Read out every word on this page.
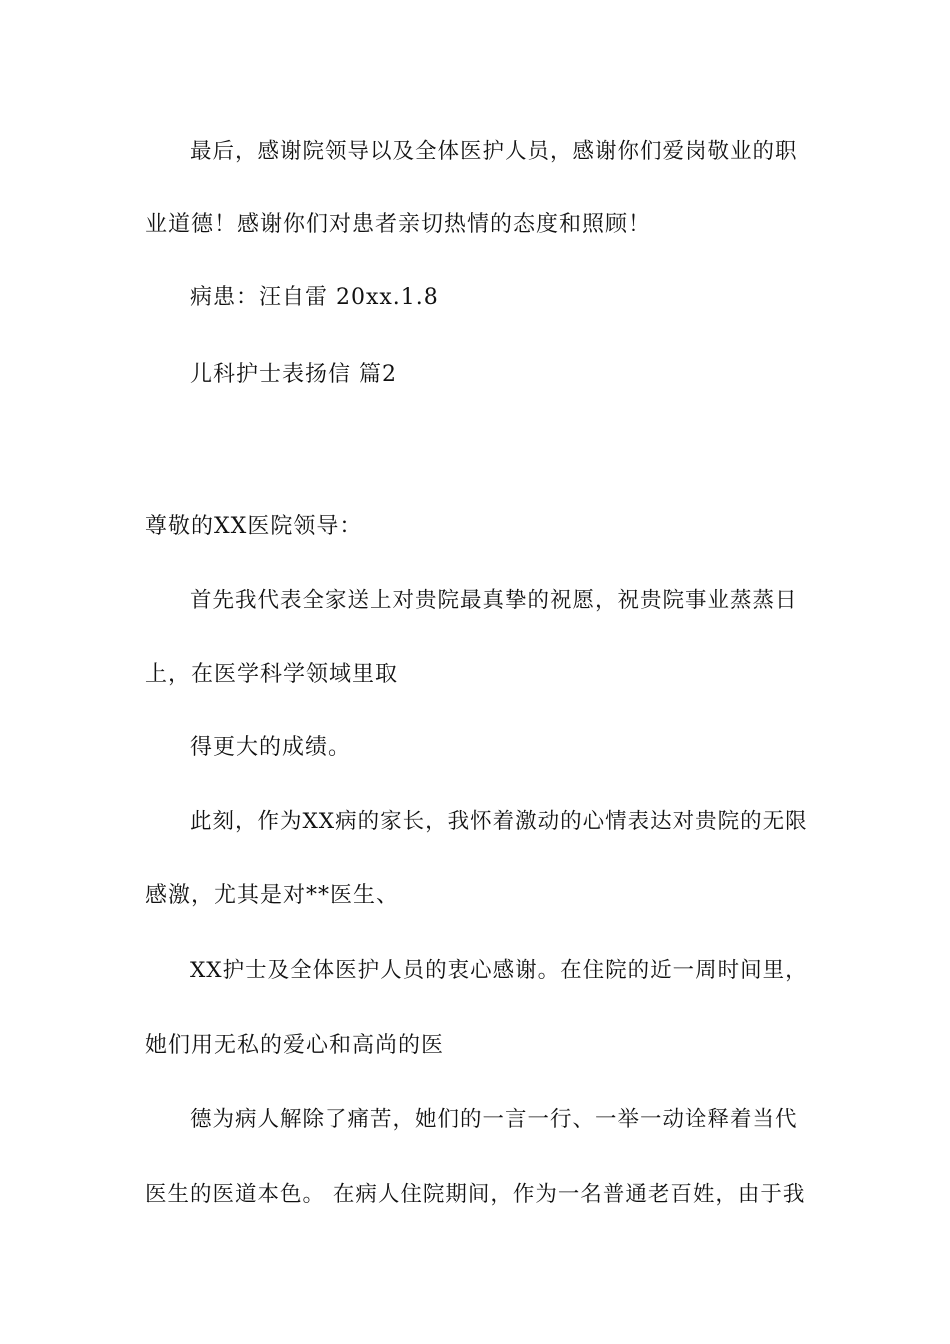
最后，感谢院领导以及全体医护人员，感谢你们爱岗敬业的职
业道德！感谢你们对患者亲切热情的态度和照顾！
病患：汪自雷 20xx.1.8
儿科护士表扬信 篇2
尊敬的XX医院领导：
首先我代表全家送上对贵院最真挚的祝愿，祝贵院事业蒸蒸日
上，在医学科学领域里取
得更大的成绩。
此刻，作为XX病的家长，我怀着激动的心情表达对贵院的无限
感激，尤其是对**医生、
XX护士及全体医护人员的衷心感谢。在住院的近一周时间里，
她们用无私的爱心和高尚的医
德为病人解除了痛苦，她们的一言一行、一举一动诠释着当代
医生的医道本色。 在病人住院期间，作为一名普通老百姓，由于我
